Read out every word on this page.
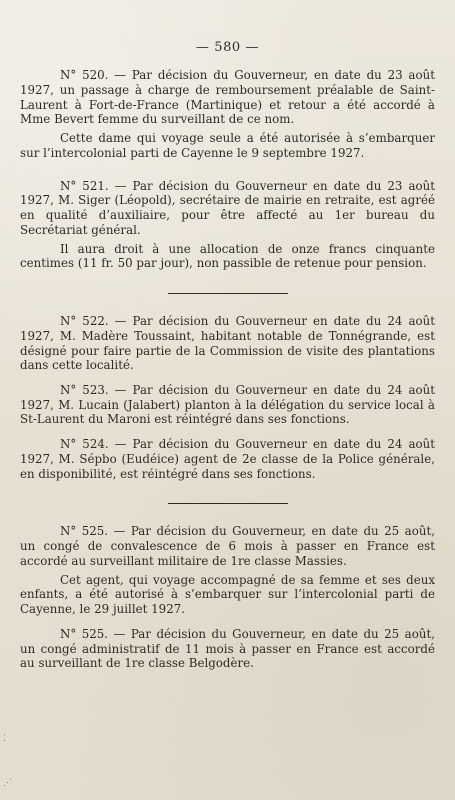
⁚
⋰
— 580 —

N° 520. — Par décision du Gouverneur, en date du 23 août 1927, un passage à charge de remboursement préalable de Saint-Laurent à Fort-de-France (Martinique) et retour a été accordé à Mme Bevert femme du surveillant de ce nom.

Cette dame qui voyage seule a été autorisée à s’embarquer sur l’intercolonial parti de Cayenne le 9 septembre 1927.

N° 521. — Par décision du Gouverneur en date du 23 août 1927, M. Siger (Léopold), secrétaire de mairie en retraite, est agréé en qualité d’auxiliaire, pour être affecté au 1er bureau du Secrétariat général.

Il aura droit à une allocation de onze francs cinquante centimes (11 fr. 50 par jour), non passible de retenue pour pension.

N° 522. — Par décision du Gouverneur en date du 24 août 1927, M. Madère Toussaint, habitant notable de Tonnégrande, est désigné pour faire partie de la Commission de visite des plantations dans cette localité.

N° 523. — Par décision du Gouverneur en date du 24 août 1927, M. Lucain (Jalabert) planton à la délégation du service local à St-Laurent du Maroni est réintégré dans ses fonctions.

N° 524. — Par décision du Gouverneur en date du 24 août 1927, M. Sépbo (Eudéice) agent de 2e classe de la Police générale, en disponibilité, est réintégré dans ses fonctions.

N° 525. — Par décision du Gouverneur, en date du 25 août, un congé de convalescence de 6 mois à passer en France est accordé au surveillant militaire de 1re classe Massies.

Cet agent, qui voyage accompagné de sa femme et ses deux enfants, a été autorisé à s’embarquer sur l’intercolonial parti de Cayenne, le 29 juillet 1927.

N° 525. — Par décision du Gouverneur, en date du 25 août, un congé administratif de 11 mois à passer en France est accordé au surveillant de 1re classe Belgodère.
